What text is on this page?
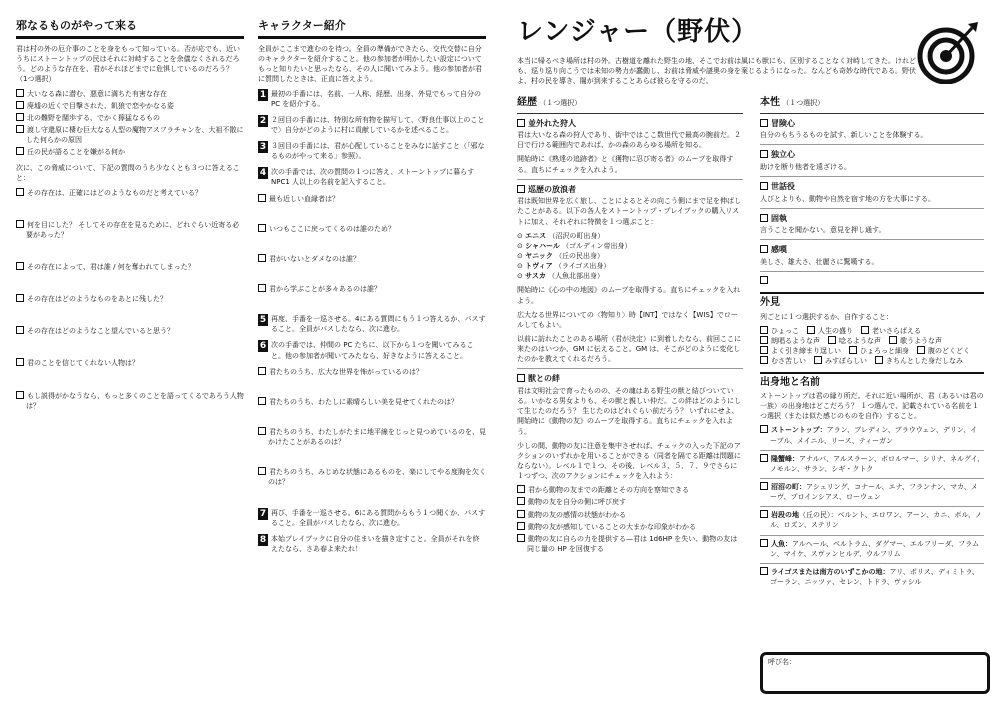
邪なるものがやって来る

君は村の外の厄介事のことを身をもって知っている。否が応でも、近いうちにストーントップの民はそれに対峙することを余儀なくされるだろう。どのような存在を、君がそれほどまでに危惧しているのだろう？（1つ選択）

大いなる森に潜む、悪意に満ちた有害な存在
廃墟の近くで目撃された、飢狼で恋やかなる姿
北の難野を闊歩する、でかく獰猛なるもの
渡し守還原に棲む巨大なる人型の魔物アスフラチャンを、大祖不散にした何らかの原因
丘の民が語ることを嫌がる何か

次に、この脅威について、下記の質問のうち少なくとも３つに答えること：

その存在は、正確にはどのようなものだと考えている？
何を目にした？ そしてその存在を見るために、どれぐらい近寄る必要があった？
その存在によって、君は誰 / 何を奪われてしまった？
その存在はどのようなものをあとに残した？
その存在はどのようなこと望んでいると思う？
君のことを信じてくれない人物は？
もし説得がかなうなら、もっと多くのことを語ってくるであろう人物は？
キャラクター紹介

全員がここまで進むのを待つ。全員の準備ができたら、交代交替に自分のキャラクターを紹介すること。他の参加者が明かしたい設定についてもっと知りたいと思ったなら、その人に聞いてみよう。他の参加者が君に質問したときは、正直に答えよう。

1 最初の手番には、名前、一人称、経歴、出身、外見でもって自分の PC を紹介する。
2 ２回目の手番には、特別な所有物を描写して、〈野良仕事以上のことで〉自分がどのように村に貢献しているかを述べること。
3 ３回目の手番には、君が心配していることをみなに話すこと（「邪なるものがやって来る」参照）。
4 次の手番では、次の質問の１つに答え、ストーントップに暮らす NPC1 人以上の名前を記入すること。
最も近しい血縁者は？
いつもここに戻ってくるのは誰のため？
君がいないとダメなのは誰？
君から学ぶことが多々あるのは誰？
5 再度、手番を一巡させる。4にある質問にもう１つ答えるか、パスすること。全員がパスしたなら、次に進む。
6 次の手番では、仲間の PC たちに、以下から１つを聞いてみること。他の参加者が聞いてみたなら、好きなように答えること。
君たちのうち、広大な世界を怖がっているのは？
君たちのうち、わたしに素晴らしい美を見せてくれたのは？
君たちのうち、わたしがたまに地平線をじっと見つめているのを、見かけたことがあるのは？
君たちのうち、みじめな状態にあるものを、楽にしてやる度胸を欠くのは？
7 再び、手番を一巡させる。6にある質問からもう１つ聞くか、パスすること。全員がパスしたなら、次に進む。
8 本始プレイブックに自分の住まいを描き定すこと。全員がそれを終えたなら、さあ春よ来たれ！
レンジャー（野伏）

本当に帰るべき場所は村の外。古樹道を離れた野生の地、そこでお前は風にも獣にも、区別することなく対峙してきた。けれども、巡り巡り向こうでは未知の勢力が蠢動し、お前は脅威や謎奥の身を案じるようになった。なんども奇妙な時代である。野伏よ、村の民を導き、闇が到来することあらば彼らを守るのだ。

経歴 （１つ選択）
並外れた狩人

君は大いなる森の狩人であり、街中ではここ数世代で最高の腕前だ。２日で行ける範囲内であれば、かの森のあらゆる場所を知る。

開始時に《熟達の追跡者》と《獲物に忍び寄る者》のムーブを取得する。直ちにチェックを入れよう。

巡歴の放浪者

君は既知世界を広く旅し、ことによるとその向こう側にまで足を伸ばしたことがある。以下の各人をストーントップ・プレイブックの購入リストに加え、それぞれに特徴を１つ選ぶこと：

⊙ エニス （沼沢の町出身）
⊙ シャハール （ゴルディン帝出身）
⊙ ヤニック （丘の民出身）
⊙ トヴィア （ライゴス出身）
⊙ サスカ （人魚北部出身）

開始時に《心の中の地図》のムーブを取得する。直ちにチェックを入れよう。

広大なる世界についての〈物知り〉時【INT】ではなく【WIS】でロールしてもよい。

以前に訪れたことのある場所（君が決定）に到着したなら、前回ここに来たのはいつか、GM に伝えること。GM は、そこがどのように変化したのかを教えてくれるだろう。

獣との絆

君は文明社会で育ったものの、その魂はある野生の獣と結びついている。いかなる男女よりも、その獣と親しい仲だ。この絆はどのようにして生じたのだろう？ 生じたのはどれぐらい前だろう？ いずれにせよ、開始時に《動物の友》のムーブを取得する。直ちにチェックを入れよう。

少しの間、動物の友に注意を集中させれば、チェックの入った下記のアクションのいずれかを用いることができる（同者を隔てる距離は問題にならない）。レベル１で１つ、その後、レベル３、５、７、９でさらに１つずつ、次のアクションにチェックを入れよう：

君から動物の友までの距離とその方向を察知できる
動物の友を自分の側に呼び戻す
動物の友の感情の状態がわかる
動物の友が感知していることの大まかな印象がわかる
動物の友に自らの力を提供する—君は 1d6HP を失い、動物の友は同じ量の HP を回復する
本性 （１つ選択）
冒険心

自分のもちうるものを試す、新しいことを体験する。

独立心

助けを断り他者を遠ざける。

世話役

人びとよりも、動物や自然を宿す地の方を大事にする。

固執

言うことを聞かない。意見を押し通す。

感嘆

美しさ、雄大さ、壮麗さに驚嘆する。

外見

列ごとに１つ選択するか、自作すること：

ひょっこ	人生の盛り	老いさらばえる
朗唱るような声	唸るような声	歌うような声
よく引き締まり逞しい	ひょろっと細身	腹のどくどく
むさ苦しい	みすぼらしい	きちんとした身だしなみ
出身地と名前

ストーントップは君の縁り所だ。それに近い場所が、君（あるいは君の一族）の出身地はどこだろう？ １つ選んで、記載されている名前を１つ選択（または似た感じのものを自作）すること。

ストーントップ：アラン、ブレディン、ブラウウェン、デリン、イーブル、メイニル、リース、ティーガン
隆蟹峰：アナルバ、アルスラーン、ボロルマー、シリナ、ネルグイ、ノモルン、サラン、シギ・クトク
沼沼の町：アシュリング、コナール、エナ、フランナン、マカ、メーヴ、プロインシアス、ローウェン
岩段の地（丘の民）：ベルント、エロワン、アーン、カニ、ボル、ノル、ロズン、ステリン
人魚：アルヘール、ベルトラム、ダグマー、エルフリーダ、フラムン、マイケ、スヴァンヒルデ、ウルフリム
ライゴスまたは南方のいずこかの地：アリ、ポリス、ディミトラ、ゴーラン、ニッツァ、セレン、トドラ、ヴァシル
呼び名：
